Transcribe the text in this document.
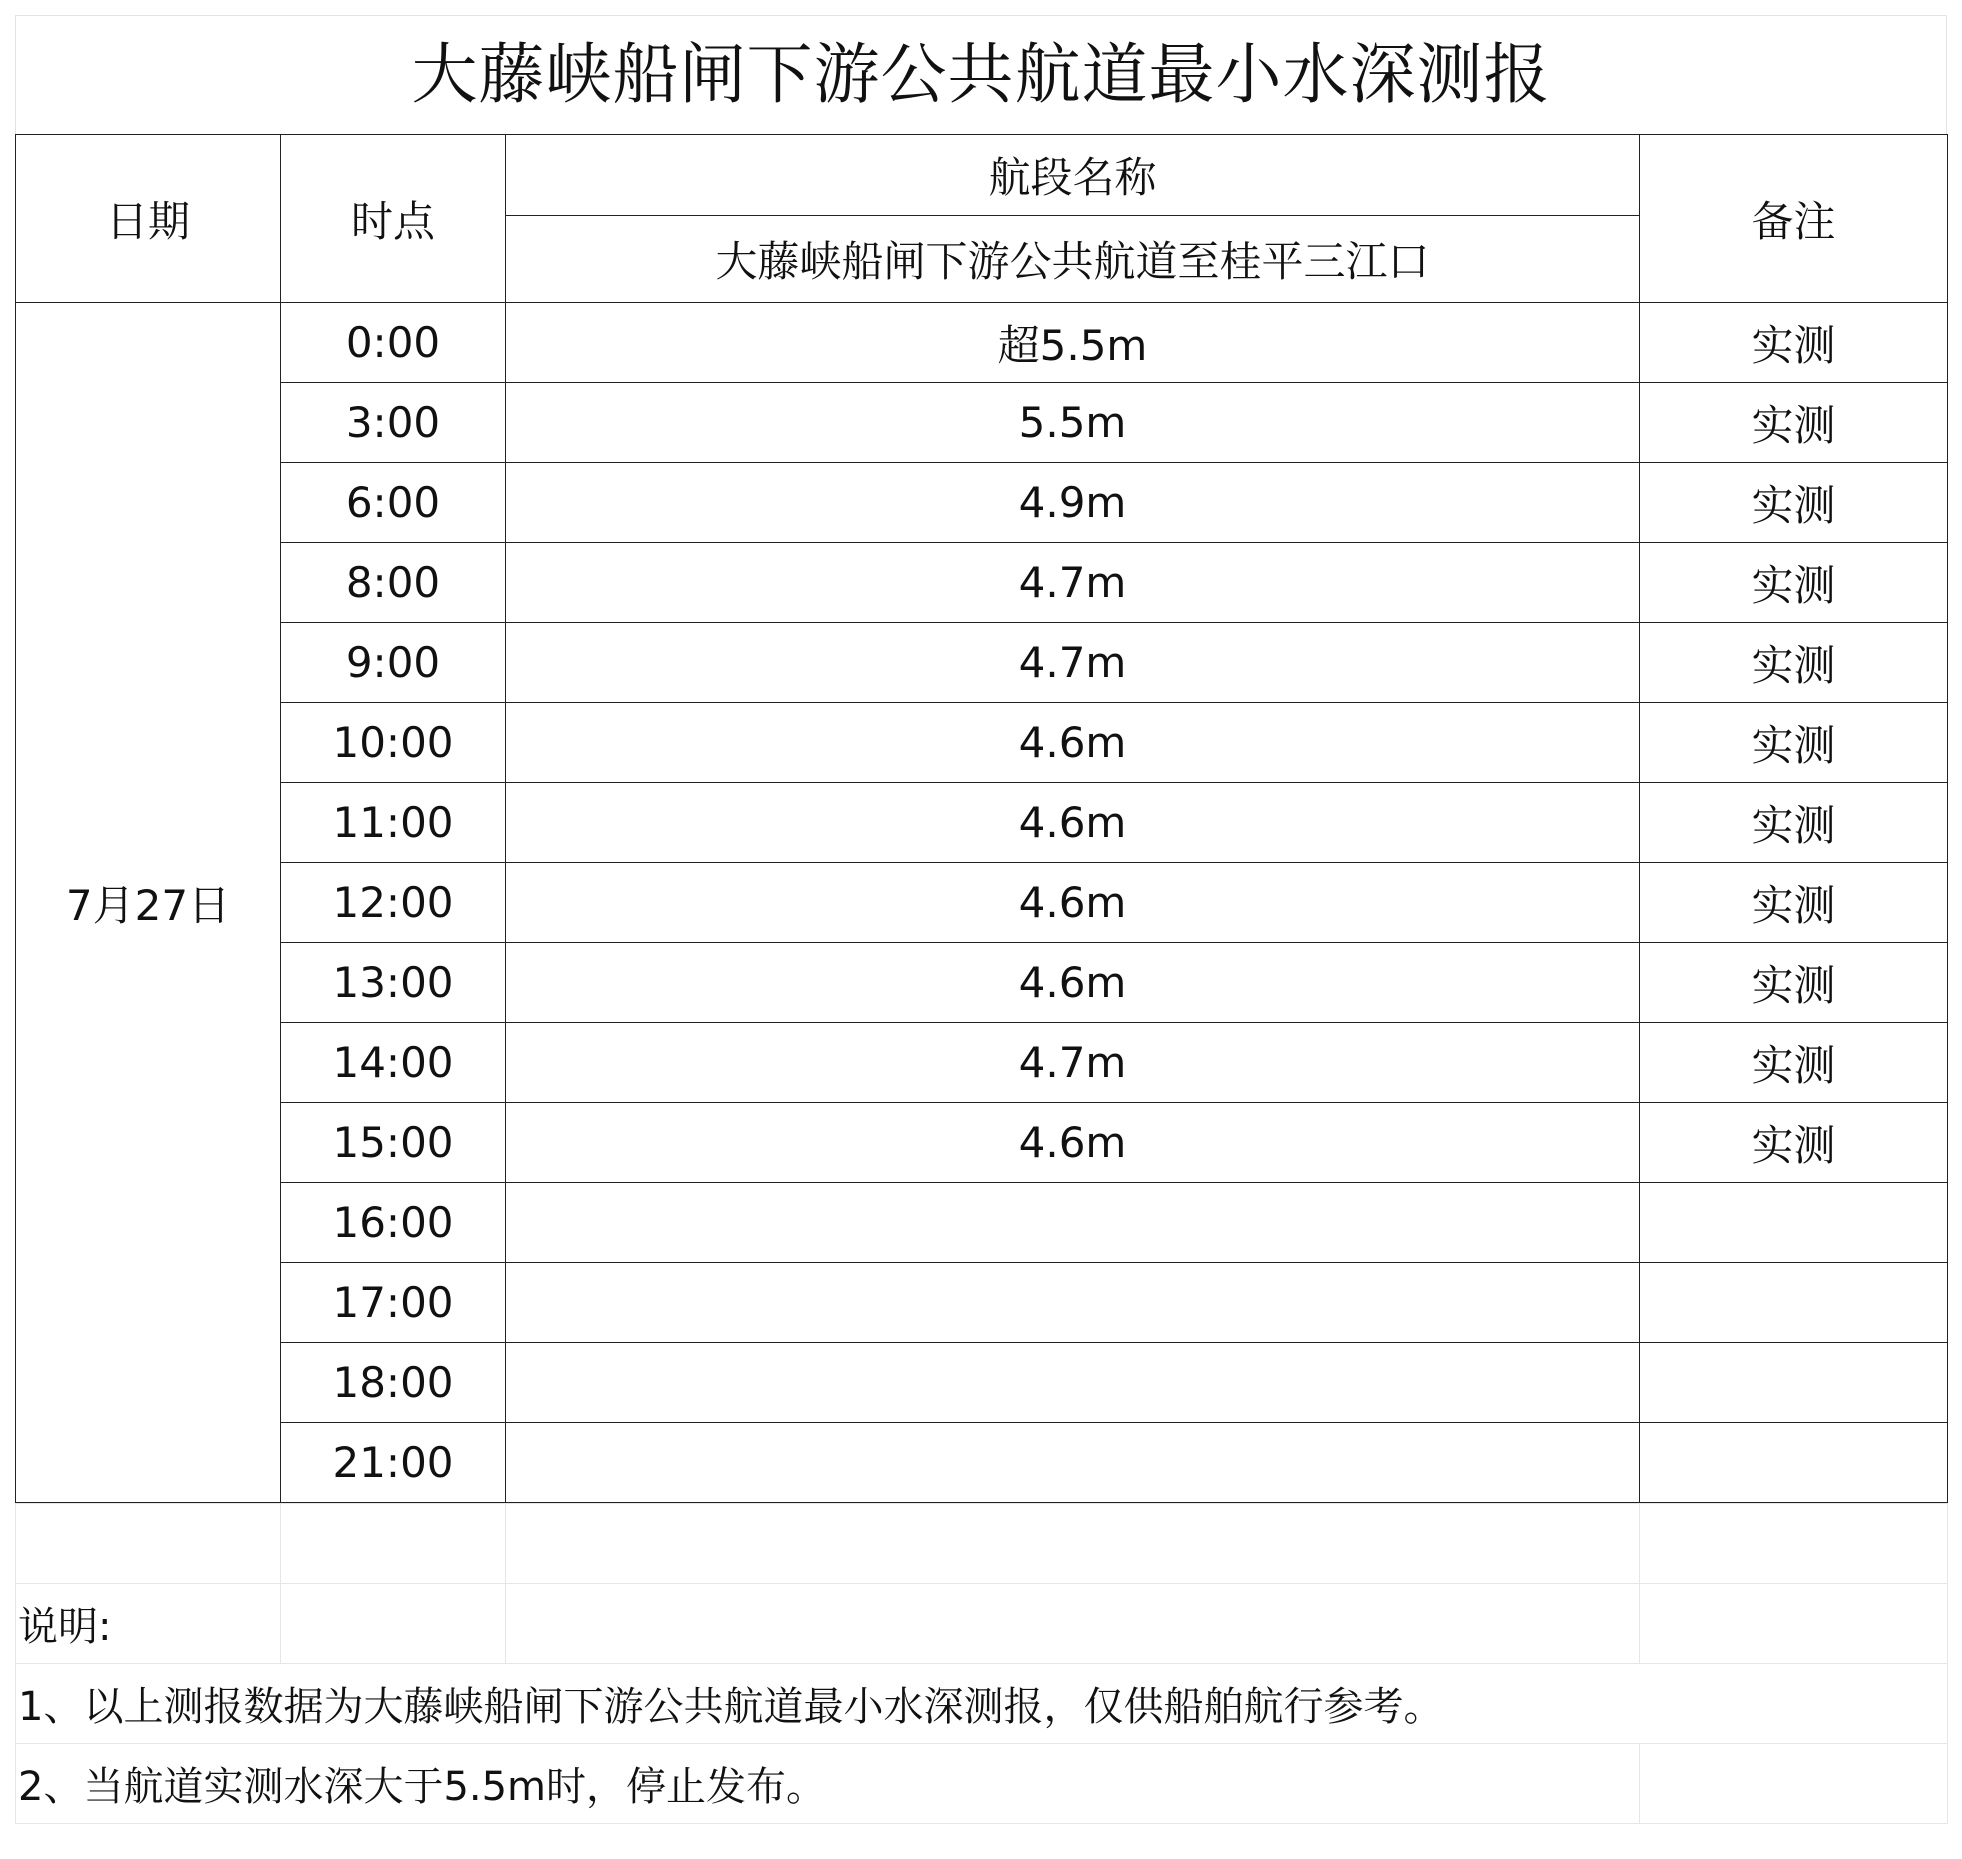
大藤峡船闸下游公共航道最小水深测报
日期	时点	航段名称	备注
		大藤峡船闸下游公共航道至桂平三江口	
7月27日	0:00	超5.5m	实测
	3:00	5.5m	实测
	6:00	4.9m	实测
	8:00	4.7m	实测
	9:00	4.7m	实测
	10:00	4.6m	实测
	11:00	4.6m	实测
	12:00	4.6m	实测
	13:00	4.6m	实测
	14:00	4.7m	实测
	15:00	4.6m	实测
	16:00		
	17:00		
	18:00		
	21:00		

说明:			
1、以上测报数据为大藤峡船闸下游公共航道最小水深测报，仅供船舶航行参考。			
2、当航道实测水深大于5.5m时，停止发布。			
